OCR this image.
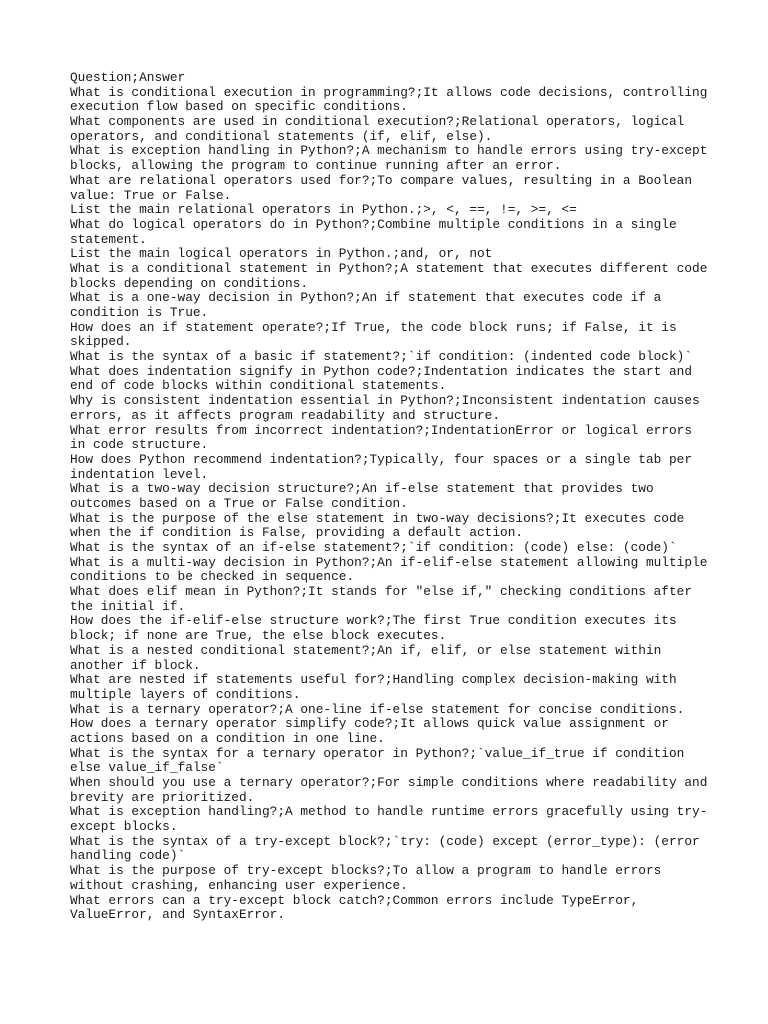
Question;Answer
What is conditional execution in programming?;It allows code decisions, controlling
execution flow based on specific conditions.
What components are used in conditional execution?;Relational operators, logical
operators, and conditional statements (if, elif, else).
What is exception handling in Python?;A mechanism to handle errors using try-except
blocks, allowing the program to continue running after an error.
What are relational operators used for?;To compare values, resulting in a Boolean
value: True or False.
List the main relational operators in Python.;>, <, ==, !=, >=, <=
What do logical operators do in Python?;Combine multiple conditions in a single
statement.
List the main logical operators in Python.;and, or, not
What is a conditional statement in Python?;A statement that executes different code
blocks depending on conditions.
What is a one-way decision in Python?;An if statement that executes code if a
condition is True.
How does an if statement operate?;If True, the code block runs; if False, it is
skipped.
What is the syntax of a basic if statement?;`if condition: (indented code block)`
What does indentation signify in Python code?;Indentation indicates the start and
end of code blocks within conditional statements.
Why is consistent indentation essential in Python?;Inconsistent indentation causes
errors, as it affects program readability and structure.
What error results from incorrect indentation?;IndentationError or logical errors
in code structure.
How does Python recommend indentation?;Typically, four spaces or a single tab per
indentation level.
What is a two-way decision structure?;An if-else statement that provides two
outcomes based on a True or False condition.
What is the purpose of the else statement in two-way decisions?;It executes code
when the if condition is False, providing a default action.
What is the syntax of an if-else statement?;`if condition: (code) else: (code)`
What is a multi-way decision in Python?;An if-elif-else statement allowing multiple
conditions to be checked in sequence.
What does elif mean in Python?;It stands for "else if," checking conditions after
the initial if.
How does the if-elif-else structure work?;The first True condition executes its
block; if none are True, the else block executes.
What is a nested conditional statement?;An if, elif, or else statement within
another if block.
What are nested if statements useful for?;Handling complex decision-making with
multiple layers of conditions.
What is a ternary operator?;A one-line if-else statement for concise conditions.
How does a ternary operator simplify code?;It allows quick value assignment or
actions based on a condition in one line.
What is the syntax for a ternary operator in Python?;`value_if_true if condition
else value_if_false`
When should you use a ternary operator?;For simple conditions where readability and
brevity are prioritized.
What is exception handling?;A method to handle runtime errors gracefully using try-
except blocks.
What is the syntax of a try-except block?;`try: (code) except (error_type): (error
handling code)`
What is the purpose of try-except blocks?;To allow a program to handle errors
without crashing, enhancing user experience.
What errors can a try-except block catch?;Common errors include TypeError,
ValueError, and SyntaxError.
